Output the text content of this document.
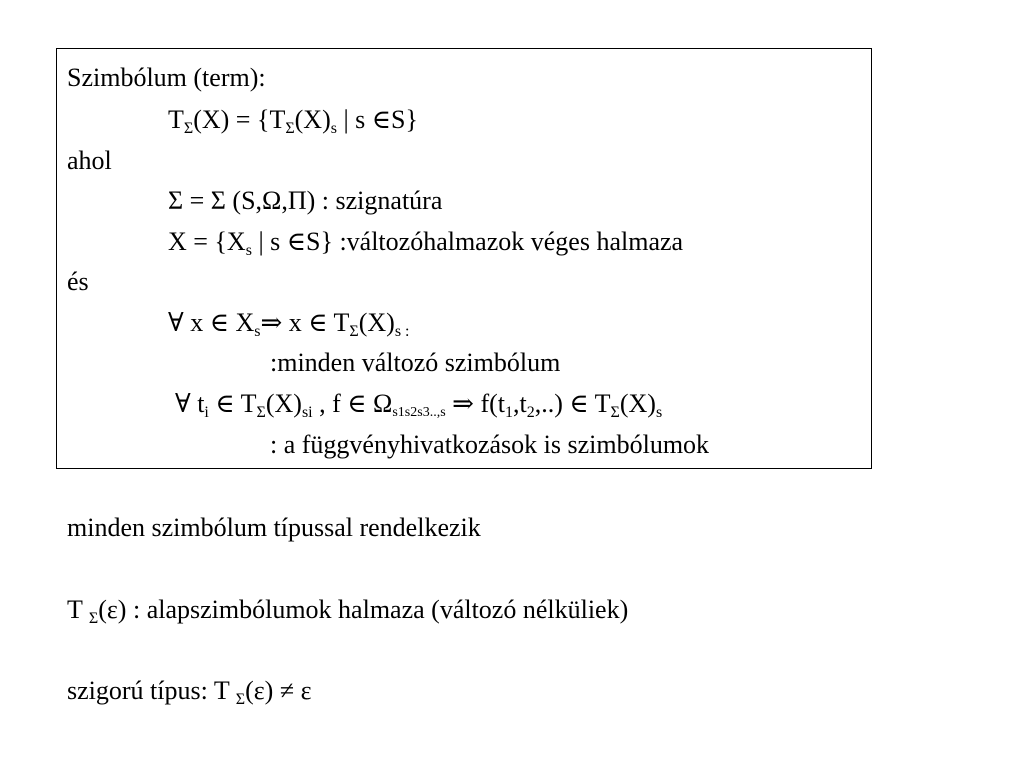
Szimbólum (term):
$T_\Sigma(X) = \{T_\Sigma(X)_s$ | s ∈S}
ahol
Σ = Σ (S,Ω,Π) : szignatúra
$X = \{X_s$ | s ∈S} :változóhalmazok véges halmaza
és
∀ x ∈ $X_s\Rightarrow$ x ∈ $T_\Sigma(X)_{s :}$
:minden változó szimbólum
∀ $t_i$ ∈ $T_\Sigma(X)_{si}$ , f ∈ $\Omega_{s1s2s3..,s}$ ⇒ $f(t_1,t_2,..)$ ∈ $T_\Sigma(X)_s$
: a függvényhivatkozások is szimbólumok
minden szimbólum típussal rendelkezik
T $_\Sigma$(ε) : alapszimbólumok halmaza (változó nélküliek)
szigorú típus: T $_\Sigma$(ε) ≠ ε
